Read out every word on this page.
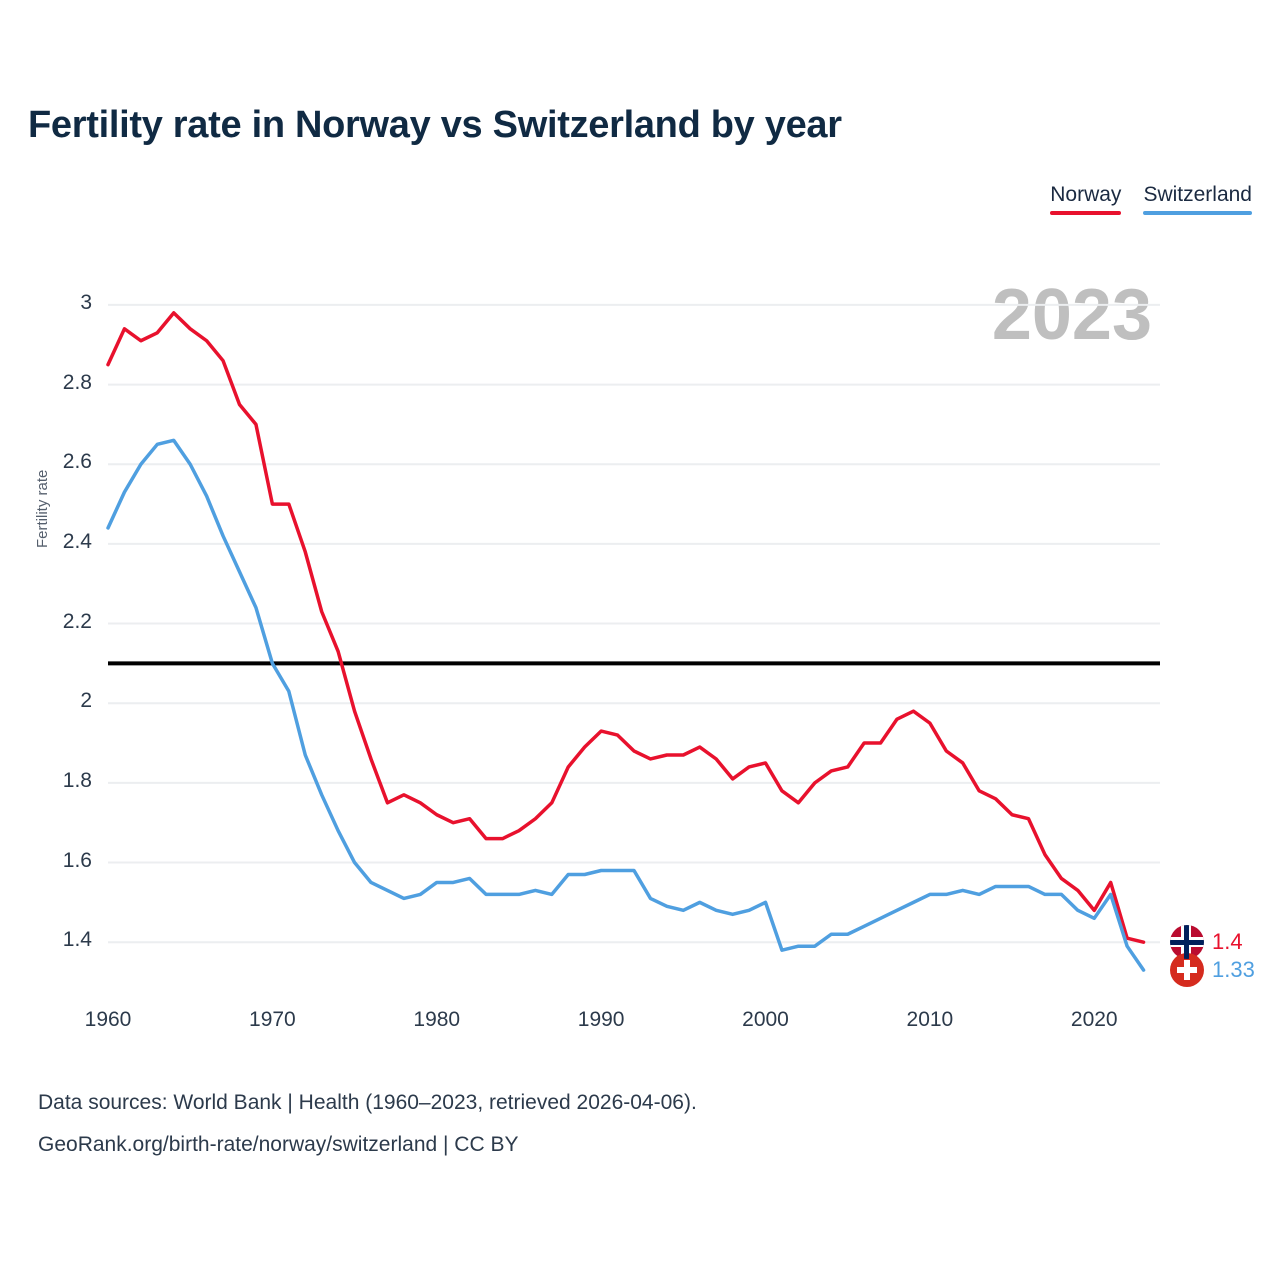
Fertility rate in Norway vs Switzerland by year
Norway Switzerland
2023
Fertility rate
1.4
1.6
1.8
2
2.2
2.4
2.6
2.8
3
1960	1970	1980	1990	2000	2010	2020
1.4
1.33
Data sources: World Bank | Health (1960–2023, retrieved 2026-04-06).
GeoRank.org/birth-rate/norway/switzerland | CC BY
